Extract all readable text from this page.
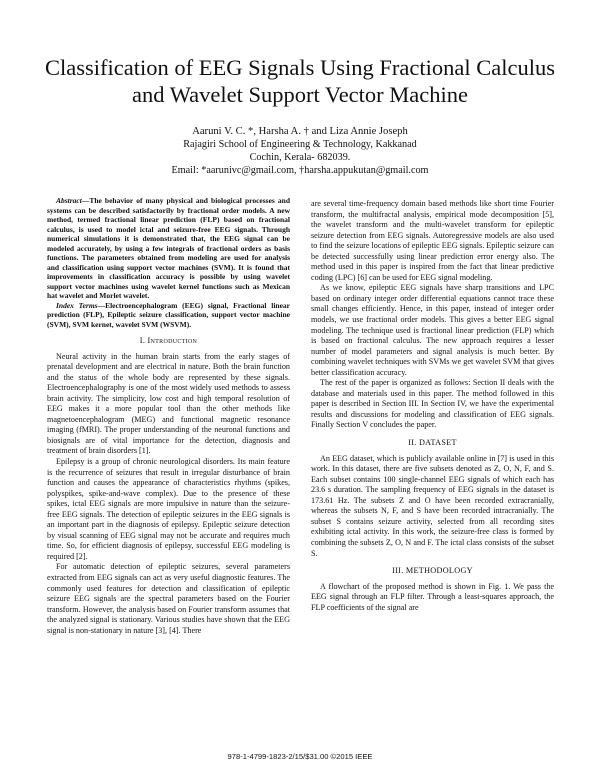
Classification of EEG Signals Using Fractional Calculus and Wavelet Support Vector Machine
Aaruni V. C. *, Harsha A. † and Liza Annie Joseph
Rajagiri School of Engineering & Technology, Kakkanad
Cochin, Kerala- 682039.
Email: *aarunivc@gmail.com, †harsha.appukutan@gmail.com

Abstract—The behavior of many physical and biological processes and systems can be described satisfactorily by fractional order models. A new method, termed fractional linear prediction (FLP) based on fractional calculus, is used to model ictal and seizure-free EEG signals. Through numerical simulations it is demonstrated that, the EEG signal can be modeled accurately, by using a few integrals of fractional orders as basis functions. The parameters obtained from modeling are used for analysis and classification using support vector machines (SVM). It is found that improvements in classification accuracy is possible by using wavelet support vector machines using wavelet kernel functions such as Mexican hat wavelet and Morlet wavelet.

Index Terms—Electroencephalogram (EEG) signal, Fractional linear prediction (FLP), Epileptic seizure classification, support vector machine (SVM), SVM kernet, wavelet SVM (WSVM).

I. Introduction

Neural activity in the human brain starts from the early stages of prenatal development and are electrical in nature. Both the brain function and the status of the whole body are represented by these signals. Electroencephalography is one of the most widely used methods to assess brain activity. The simplicity, low cost and high temporal resolution of EEG makes it a more popular tool than the other methods like magnetoencephalogram (MEG) and functional magnetic resonance imaging (fMRI). The proper understanding of the neuronal functions and biosignals are of vital importance for the detection, diagnosis and treatment of brain disorders [1].

Epilepsy is a group of chronic neurological disorders. Its main feature is the recurrence of seizures that result in irregular disturbance of brain function and causes the appearance of characteristics rhythms (spikes, polyspikes, spike-and-wave complex). Due to the presence of these spikes, ictal EEG signals are more impulsive in nature than the seizure-free EEG signals. The detection of epileptic seizures in the EEG signals is an important part in the diagnosis of epilepsy. Epileptic seizure detection by visual scanning of EEG signal may not be accurate and requires much time. So, for efficient diagnosis of epilepsy, successful EEG modeling is required [2].

For automatic detection of epileptic seizures, several parameters extracted from EEG signals can act as very useful diagnostic features. The commonly used features for detection and classification of epileptic seizure EEG signals are the spectral parameters based on the Fourier transform. However, the analysis based on Fourier transform assumes that the analyzed signal is stationary. Various studies have shown that the EEG signal is non-stationary in nature [3], [4]. There

are several time-frequency domain based methods like short time Fourier transform, the multifractal analysis, empirical mode decomposition [5], the wavelet transform and the multi-wavelet transform for epileptic seizure detection from EEG signals. Autoregressive models are also used to find the seizure locations of epileptic EEG signals. Epileptic seizure can be detected successfully using linear prediction error energy also. The method used in this paper is inspired from the fact that linear predictive coding (LPC) [6] can be used for EEG signal modeling.

As we know, epileptic EEG signals have sharp transitions and LPC based on ordinary integer order differential equations cannot trace these small changes efficiently. Hence, in this paper, instead of integer order models, we use fractional order models. This gives a better EEG signal modeling. The technique used is fractional linear prediction (FLP) which is based on fractional calculus. The new approach requires a lesser number of model parameters and signal analysis is much better. By combining wavelet techniques with SVMs we get wavelet SVM that gives better classification accuracy.

The rest of the paper is organized as follows: Section II deals with the database and materials used in this paper. The method followed in this paper is described in Section III. In Section IV, we have the experimental results and discussions for modeling and classification of EEG signals. Finally Section V concludes the paper.

II. DATASET

An EEG dataset, which is publicly available online in [7] is used in this work. In this dataset, there are five subsets denoted as Z, O, N, F, and S. Each subset contains 100 single-channel EEG signals of which each has 23.6 s duration. The sampling frequency of EEG signals in the dataset is 173.61 Hz. The subsets Z and O have been recorded extracranially, whereas the subsets N, F, and S have been recorded intracranially. The subset S contains seizure activity, selected from all recording sites exhibiting ictal activity. In this work, the seizure-free class is formed by combining the subsets Z, O, N and F. The ictal class consists of the subset S.

III. METHODOLOGY

A flowchart of the proposed method is shown in Fig. 1. We pass the EEG signal through an FLP filter. Through a least-squares approach, the FLP coefficients of the signal are

978-1-4799-1823-2/15/$31.00 ©2015 IEEE
